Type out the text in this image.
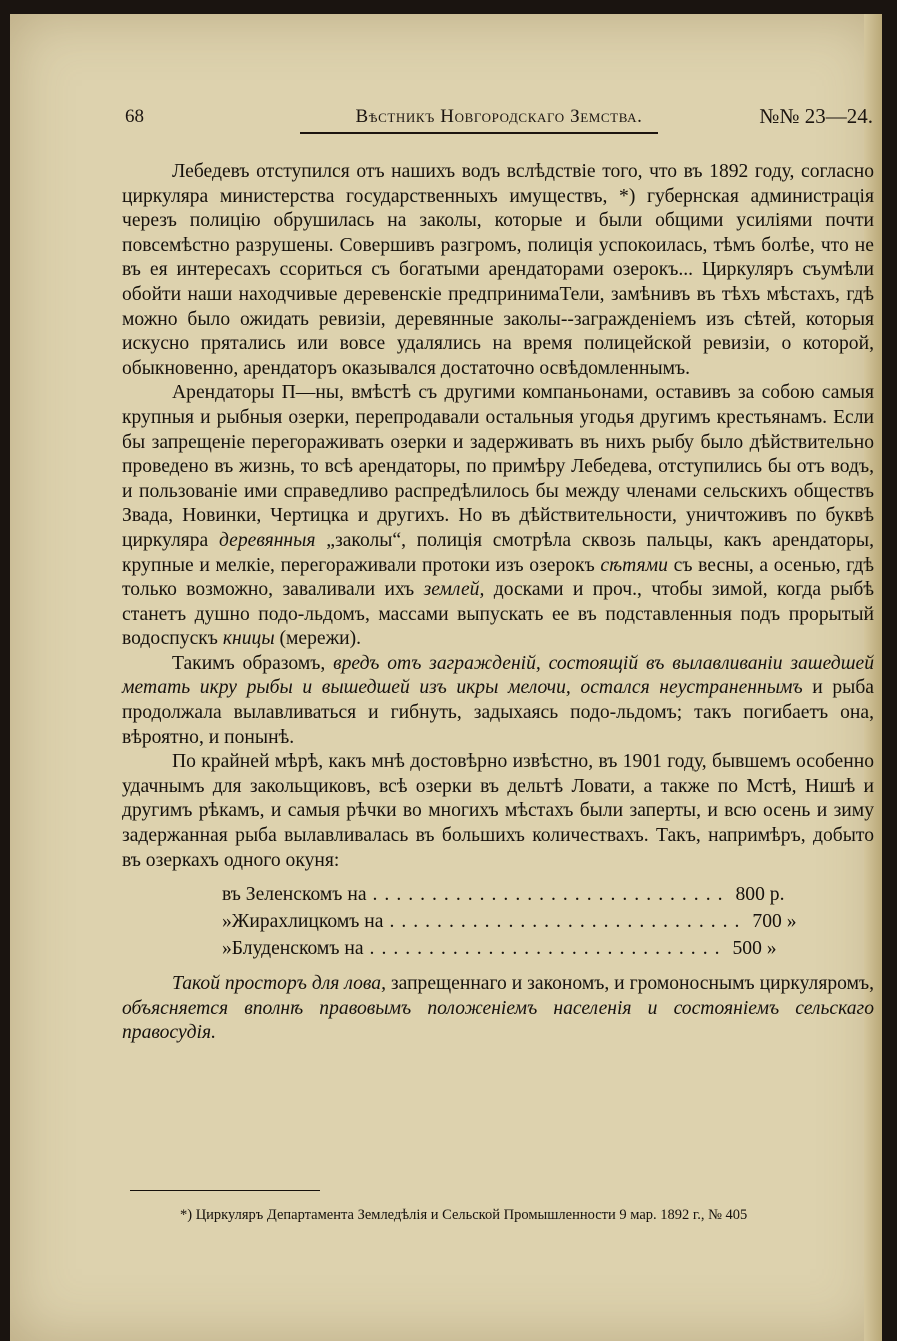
68	Вѣстникъ Новгородскаго Земства.	№№ 23—24.

Лебедевъ отступился отъ нашихъ водъ вслѣдствіе того, что въ 1892 году, согласно циркуляра министерства государственныхъ имуществъ, *) губернская администрація черезъ полицію обрушилась на заколы, которые и были общими усиліями почти повсемѣстно разрушены. Совершивъ разгромъ, полиція успокоилась, тѣмъ болѣе, что не въ ея интересахъ ссориться съ богатыми арендаторами озерокъ... Циркуляръ съумѣли обойти наши находчивые деревенскіе предпринимаТели, замѣнивъ въ тѣхъ мѣстахъ, гдѣ можно было ожидать ревизіи, деревянные заколы--загражденіемъ изъ сѣтей, которыя искусно прятались или вовсе удалялись на время полицейской ревизіи, о которой, обыкновенно, арендаторъ оказывался достаточно освѣдомленнымъ.

Арендаторы П—ны, вмѣстѣ съ другими компаньонами, оставивъ за собою самыя крупныя и рыбныя озерки, перепродавали остальныя угодья другимъ крестьянамъ. Если бы запрещеніе перегораживать озерки и задерживать въ нихъ рыбу было дѣйствительно проведено въ жизнь, то всѣ арендаторы, по примѣру Лебедева, отступились бы отъ водъ, и пользованіе ими справедливо распредѣлилось бы между членами сельскихъ обществъ Звада, Новинки, Чертицка и другихъ. Но въ дѣйствительности, уничтоживъ по буквѣ циркуляра деревянныя „заколы“, полиція смотрѣла сквозь пальцы, какъ арендаторы, крупные и мелкіе, перегораживали протоки изъ озерокъ сѣтями съ весны, а осенью, гдѣ только возможно, заваливали ихъ землей, досками и проч., чтобы зимой, когда рыбѣ станетъ душно подо-льдомъ, массами выпускать ее въ подставленныя подъ прорытый водоспускъ кницы (мережи).

Такимъ образомъ, вредъ отъ загражденій, состоящій въ вылавливаніи зашедшей метать икру рыбы и вышедшей изъ икры мелочи, остался неустраненнымъ и рыба продолжала вылавливаться и гибнуть, задыхаясь подо-льдомъ; такъ погибаетъ она, вѣроятно, и понынѣ.

По крайней мѣрѣ, какъ мнѣ достовѣрно извѣстно, въ 1901 году, бывшемъ особенно удачнымъ для закольщиковъ, всѣ озерки въ дельтѣ Ловати, а также по Мстѣ, Нишѣ и другимъ рѣкамъ, и самыя рѣчки во многихъ мѣстахъ были заперты, и всю осень и зиму задержанная рыба вылавливалась въ большихъ количествахъ. Такъ, напримѣръ, добыто въ озеркахъ одного окуня:

въ Зеленскомъ на .............................. 800 р.
» Жирахлицкомъ на .............................. 700 »
» Блуденскомъ на .............................. 500 »

Такой просторъ для лова, запрещеннаго и закономъ, и громоноснымъ циркуляромъ, объясняется вполнѣ правовымъ положеніемъ населенія и состояніемъ сельскаго правосудія.

*) Циркуляръ Департамента Земледѣлія и Сельской Промышленности 9 мар. 1892 г., № 405
